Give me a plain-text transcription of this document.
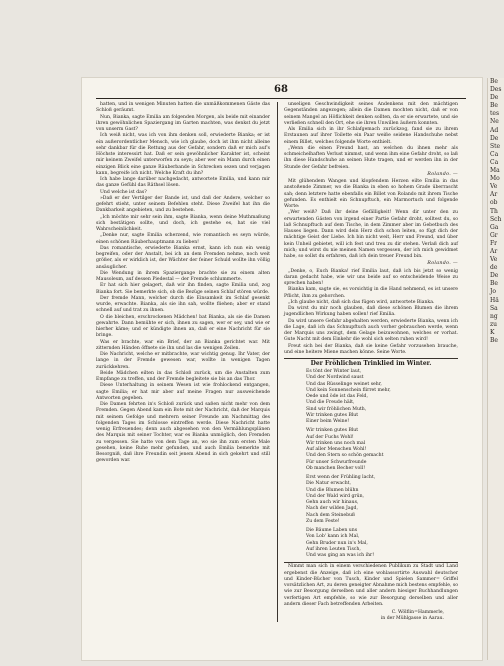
68

hatten, und in wenigen Minuten hatten die unmäßkommenen Gäste das Schloß geräumt.

Nun, Bianka, sagte Emilia am folgenden Morgen, als beide mit einander ihren gewöhnlichen Spaziergang im Garten machten, was denkst du jetzt von unserm Gast?

Ich weiß nicht, was ich von ihm denken soll, erwiederte Bianka; er ist ein außerordentlicher Mensch, wie ich glaube, doch ist ihm nicht alleine sehr dankbar für die Rettung aus der Gefahr, sondern daß er mich auf's Höchste interessirt hat. Daß er sein gewöhnlicher Karakter ist, scheint mir keinem Zweifel unterworfen zu seyn; aber wer ein Mann durch einen einzigen Blick eine ganze Räuberbande in Schrecken sezen und verjagen kann, begreife ich nicht. Welche Kraft du ihn?

Ich habe lange darüber nachgedacht, antwortete Emilia, und kann mir das ganze Gefühl das Räthsel lösen.

Und welche ist das?

»Daß er der Vertilger der Bande ist, und daß der Andere, welcher so gefehrt stieht, unter seinem Befehlen steht. Diese Zweifel hat ihn die Dankbarkeit angebieten, und zu bestehen.

„Ich möchte mir sehr sein ihm, sagte Bianka, wenn deine Muthmaßung sich bestätigen sollte, und doch, ich gestehe es, hat sie viel Wahrscheinlichkeit.

„Denke nur, sagte Emilia scherzend, wie romantisch es seyn würde, einen schönen Räuberhauptmann zu lieben!

Das romantische, erwiederte Bianka ernst, kann ich nun ein wenig begreifen, oder der Anstalt, bei ich an dem Fremden nehme, noch weit größer, als er wirklich ist, der Wächter der feiner Schuld wollte ihn völlig ansäuglicher.

Die Wendung in ihrem Spaziergange brachte sie zu einem alten Mausoleum, auf dessen Piedestal — der Fremde schlummerte.

Er hat sich hier gelagert, daß wir ihn finden, sagte Emilia und, zog Bianka fort. Sie bemerkte sich, ob die Bezüge seinen Schlaf stören würde.

Der fremde Mann, welcher durch die Einsamkeit im Schlaf gesenkt wurde, erwachte. Bianka, als sie ihn sah, wollte fliehen; aber er stand schnell auf und trat zu ihnen.

O die bleichen, erschrockenen Mädchen! bat Bianka, als sie die Damen gewahrte. Dann bemühte er sich, ihnen zu sagen, wer er sey, und wie er hierher käme; und er kündigte ihnen an, daß er eine Nachricht für sie bringe.

Was er brachte, war ein Brief, der an Bianka gerichtet war. Mit zitternden Händen öffnete sie ihn und las die wenigen Zeilen.

Die Nachricht, welche er mitbrachte, war wichtig genug. Ihr Vater, der lange in der Fremde gewesen war, wollte in wenigen Tagen zurückkehren.

Beide Mädchen eilten in das Schloß zurück, um die Anstalten zum Empfange zu treffen, und der Fremde begleitete sie bis an das Thor.

Diese Unterhaltung in seinem Wesen ist wie frohlockend entgangen, sagte Emilia; er hat mir aber auf meine Fragen nur ausweichende Antworten gegeben.

Die Damen fehrten in's Schloß zurück und saßen nicht mehr von dem Fremden. Gegen Abend kam ein Bote mit der Nachricht, daß der Marquis mit seinem Gefolge und mehrern seiner Freunde am Nachmittag des folgenden Tages im Schlosse eintreffen werde. Diese Nachricht hatte wenig Erfreuendes; denn auch abgesehen von den Vermählungsplänen des Marquis mit seiner Tochter, war es Bianka unmöglich, den Fremden zu vergessen. Sie hatte von dem Tage an, wo sie ihn zum ersten Male gesehen, keine Ruhe mehr gefunden, und auch Emilia bemerkte mit Besorgniß, daß ihre Freundin seit jenem Abend in sich gekehrt und still geworden war.

unseligen Geschwindigkeit seines Andenkens mit den mächtigen Gegenständen angezogen; allein die Damen mochten nicht, daß er von seinem Mangel an Höflichkeit denken sollten, da er sie erwartete, und sie verließen schnell den Ort, ehe sie ihren Unwillen äußern konnten.

Als Emilia sich in ihr Schlafgemach zurückzog, fand sie zu ihrem Erstaunen auf ihrer Toilette ein Paar weiße seidene Handschuhe nebst einem Billet, welches folgende Worte enthielt.

„Wenn die einen Freund hast, an welchen du ihnen mehr als schmeichelhaften Verlust nimmst, und wenn ihm eine Gefahr droht, so laß ihn diese Handschuhe an seinen Hute tragen, und er werden ihn in der Stunde der Gefahr befreien.

Rolando. —

Mit glühendem Wangen und klopfendem Herzen eilte Emilia in das anstoßende Zimmer, wo die Bianka in eben so hohem Grade überrascht sah; denn letztere hatte ebenfalls ein Billet von Rolando mit ihrem Tische gefunden. Es enthielt ein Schnupftuch, ein Marmortuch und folgende Worte:

„Wer weiß? Daß ihr deine Gefälligkeit! Wenn dir unter den zu erwartenden Gästen von irgend einer Partie Gefahr droht, solltest du, so laß Schnupftuch auf dem Tische, in dem Zimmer aber im Gebetbuch des Hauses liegen. Dann wird dein Herz dich schon leiten, so fügt dich der mächtige Geist der Liebe. Ich bin nicht weit, Herr und Freund, und über kein Unheil gebietet, will ich fest und treu zu dir stehen. Verlaß dich auf mich; und wirst du nie meinen Namen vergessen, der ich mich gewidmet habe, so sollst du erfahren, daß ich dein treuer Freund bin.

Rolando. —

„Denke, o, Euch Bianka! rief Emilia laut, daß ich bis jetzt so wenig daran gedacht habe, wie wir uns beide auf so entscheidende Weise zu sprechen haben!

Bianka kam, sagte sie, es vorsichtig in die Hand nehmend, es ist unsere Pflicht, ihm zu gehorchen.

„Ich glaube nicht, daß sich das fügen wird, antwortete Bianka.

Da wirst du mir noch glauben, daß diese schönen Blumen die ihrem jugendlichen Wirkung haben sollen! rief Emilia.

Da wird unsere Gefahr abgehalten werden, erwiederte Bianka, wenn ich die Lage, daß ich das Schnupftuch auch vorher gebrauchen werde, wenn der Marquis uns zwingt, dem Gelage beizuwohnen, welches er vorhat. Gute Nacht mit dem Einkehr die wohl sich selten ruhen wird!

Freut sich bei der Bianka, daß sie keine Gefahr vorzusehen brauche, und eine heitere Miene machen könne. Seine Worte.

Der Fröhlichen Trinklied im Winter.
Es tönt der Winter laut,
Und der Nordwind saust
Und das Rüsselinge weinet sehr,
Und kein Sonnenschein flirret mehr,
Oede und öde ist das Feld,
Und die Freude hält,
Sind wir fröhlichen Muth,
Wir trinken gutes Blut
Einer beim Weine!
Wir trinken gutes Blut
Auf der Fuchs Wohl!
Wir trinken uns noch mal
Auf aller Menschen Wohl!
Und den Stern so schön gemacht
Für unser Schwurfreunde
Ob manchen Becher voll!
Erst wenn der Frühling lacht,
Die Natur erwacht,
Und die Blumen blühn
Und der Wald wird grün,
Gehn auch wir hinaus,
Nach der wilden Jagd,
Nach dem Steinebuß
Zu dem Feste!
Die Bäume Laben uns
Von Lob' kann ich Mal,
Gehn Bruder nun in's Mal,
Auf ihren Leuten Tisch,
Und was ging an was ich ihr!

Nimmt man sich in einem verschiedenen Publikum zu Stadt und Land ergebenst die Anzeige, daß ich eine wohlassortirte Auswahl deutscher und Kinder-Bücher von Tusch, Kinder und Spielen Sammer= Griffel vorsätzlichen Art, zu deren geneigter Abnahme mich bestens empfehle, so wie zur Besorgung derselben und aller andern hiesiger Buchhandlungen verfertigen Art empfehle, so wie zur Besorgung derselben und aller andern dieser Fach betreffenden Arbeiten.

C. Wölflin=Hammerle,
in der Mühlgasse in Aarau.
Be
Des
De
Be
tes
Ne
Ad
De
Ste
Ca
Ca
Ma
Mo
Ve
Ar
ob
Th
Sch
Ga
Gr
Fr
Ar
Ve
de
De
Be
Jo
Hä
Sa
ng
zu
K
Be
